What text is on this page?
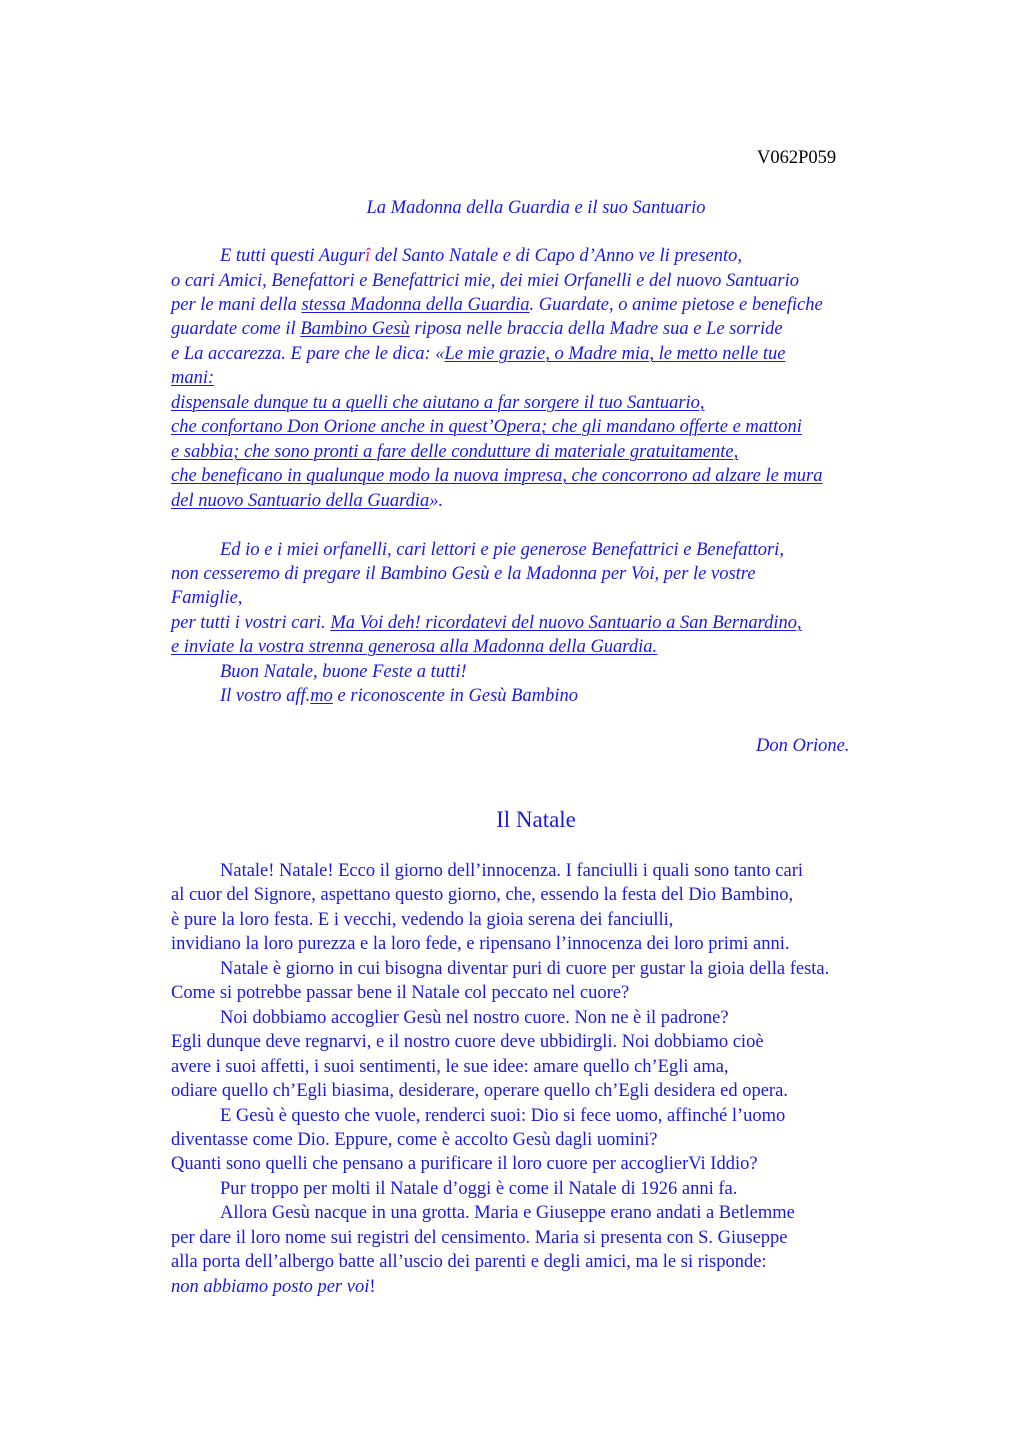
V062P059
La Madonna della Guardia e il suo Santuario
E tutti questi Augurî del Santo Natale e di Capo d’Anno ve li presento,
o cari Amici, Benefattori e Benefattrici mie, dei miei Orfanelli e del nuovo Santuario
per le mani della stessa Madonna della Guardia. Guardate, o anime pietose e benefiche
guardate come il Bambino Gesù riposa nelle braccia della Madre sua e Le sorride
e La accarezza. E pare che le dica: «Le mie grazie, o Madre mia, le metto nelle tue
mani:
dispensale dunque tu a quelli che aiutano a far sorgere il tuo Santuario,
che confortano Don Orione anche in quest’Opera; che gli mandano offerte e mattoni
e sabbia; che sono pronti a fare delle condutture di materiale gratuitamente,
che beneficano in qualunque modo la nuova impresa, che concorrono ad alzare le mura
del nuovo Santuario della Guardia».
Ed io e i miei orfanelli, cari lettori e pie generose Benefattrici e Benefattori,
non cesseremo di pregare il Bambino Gesù e la Madonna per Voi, per le vostre
Famiglie,
per tutti i vostri cari. Ma Voi deh! ricordatevi del nuovo Santuario a San Bernardino,
e inviate la vostra strenna generosa alla Madonna della Guardia.
Buon Natale, buone Feste a tutti!
Il vostro aff.mo e riconoscente in Gesù Bambino
Don Orione.
Il Natale
Natale! Natale! Ecco il giorno dell’innocenza. I fanciulli i quali sono tanto cari
al cuor del Signore, aspettano questo giorno, che, essendo la festa del Dio Bambino,
è pure la loro festa. E i vecchi, vedendo la gioia serena dei fanciulli,
invidiano la loro purezza e la loro fede, e ripensano l’innocenza dei loro primi anni.
Natale è giorno in cui bisogna diventar puri di cuore per gustar la gioia della festa.
Come si potrebbe passar bene il Natale col peccato nel cuore?
Noi dobbiamo accoglier Gesù nel nostro cuore. Non ne è il padrone?
Egli dunque deve regnarvi, e il nostro cuore deve ubbidirgli. Noi dobbiamo cioè
avere i suoi affetti, i suoi sentimenti, le sue idee: amare quello ch’Egli ama,
odiare quello ch’Egli biasima, desiderare, operare quello ch’Egli desidera ed opera.
E Gesù è questo che vuole, renderci suoi: Dio si fece uomo, affinché l’uomo
diventasse come Dio. Eppure, come è accolto Gesù dagli uomini?
Quanti sono quelli che pensano a purificare il loro cuore per accoglierVi Iddio?
Pur troppo per molti il Natale d’oggi è come il Natale di 1926 anni fa.
Allora Gesù nacque in una grotta. Maria e Giuseppe erano andati a Betlemme
per dare il loro nome sui registri del censimento. Maria si presenta con S. Giuseppe
alla porta dell’albergo batte all’uscio dei parenti e degli amici, ma le si risponde:
non abbiamo posto per voi!
